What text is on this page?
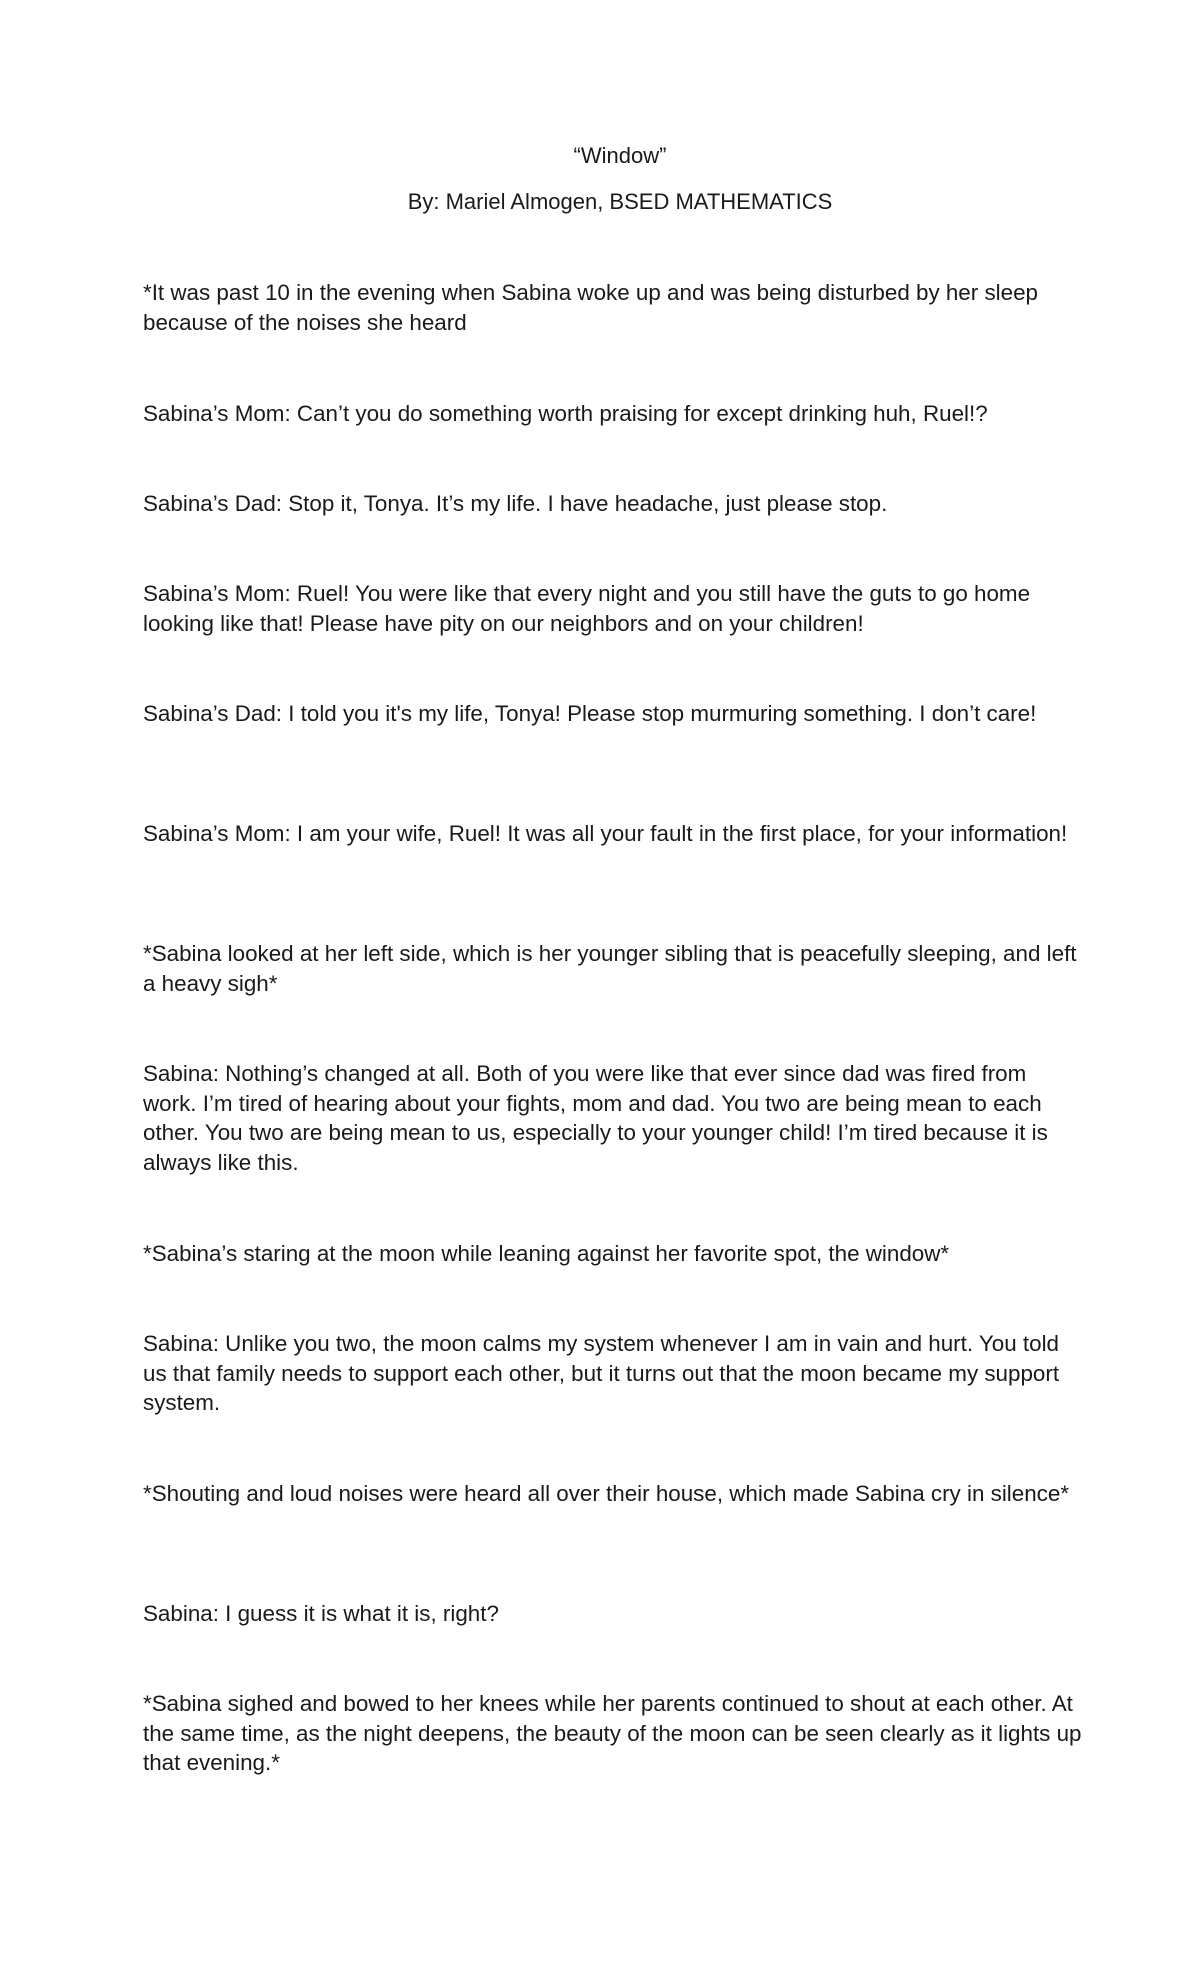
“Window”
By: Mariel Almogen, BSED MATHEMATICS

*It was past 10 in the evening when Sabina woke up and was being disturbed by her sleep because of the noises she heard

Sabina’s Mom: Can’t you do something worth praising for except drinking huh, Ruel!?

Sabina’s Dad: Stop it, Tonya. It’s my life. I have headache, just please stop.

Sabina’s Mom: Ruel! You were like that every night and you still have the guts to go home looking like that! Please have pity on our neighbors and on your children!

Sabina’s Dad: I told you it's my life, Tonya! Please stop murmuring something. I don’t care!

Sabina’s Mom: I am your wife, Ruel! It was all your fault in the first place, for your information!

*Sabina looked at her left side, which is her younger sibling that is peacefully sleeping, and left a heavy sigh*

Sabina: Nothing’s changed at all. Both of you were like that ever since dad was fired from work. I’m tired of hearing about your fights, mom and dad. You two are being mean to each other. You two are being mean to us, especially to your younger child! I’m tired because it is always like this.

*Sabina’s staring at the moon while leaning against her favorite spot, the window*

Sabina: Unlike you two, the moon calms my system whenever I am in vain and hurt. You told us that family needs to support each other, but it turns out that the moon became my support system.

*Shouting and loud noises were heard all over their house, which made Sabina cry in silence*

Sabina: I guess it is what it is, right?

*Sabina sighed and bowed to her knees while her parents continued to shout at each other. At the same time, as the night deepens, the beauty of the moon can be seen clearly as it lights up that evening.*
